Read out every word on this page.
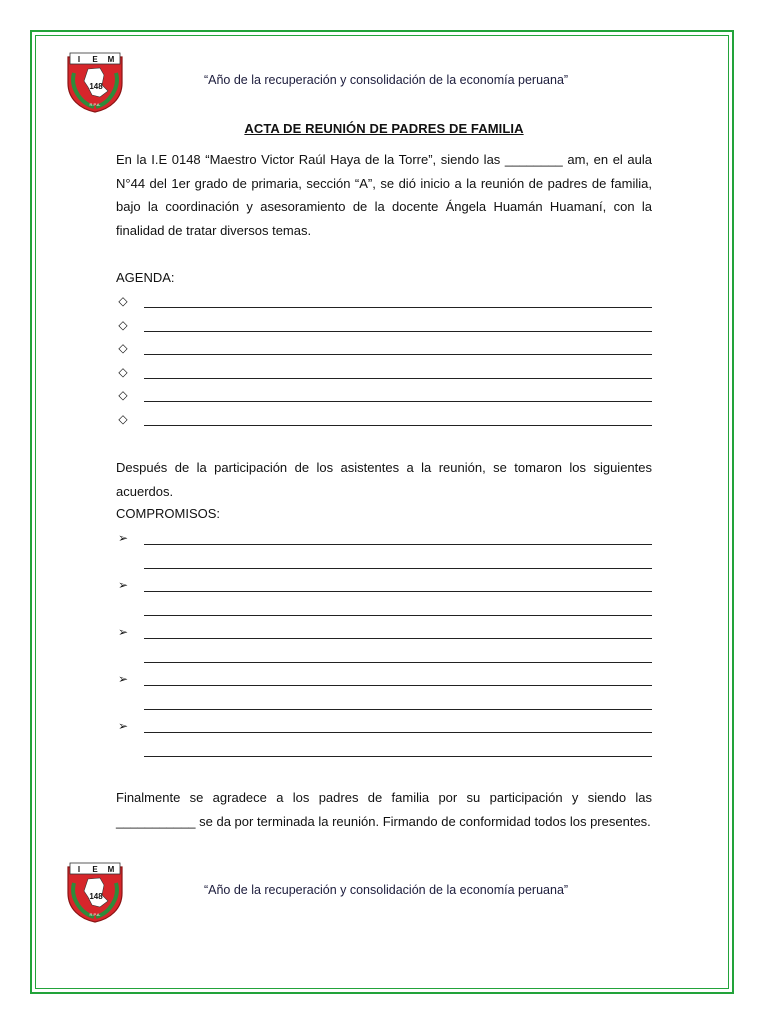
I E M
148
R.P.A.
“Año de la recuperación y consolidación de la economía peruana”
ACTA DE REUNIÓN DE PADRES DE FAMILIA
En la I.E 0148 “Maestro Victor Raúl Haya de la Torre”, siendo las ________ am, en el aula N°44 del 1er grado de primaria, sección “A”, se dió inicio a la reunión de padres de familia, bajo la coordinación y asesoramiento de la docente Ángela Huamán Huamaní, con la finalidad de tratar diversos temas.
AGENDA:
◇
◇
◇
◇
◇
◇
Después de la participación de los asistentes a la reunión, se tomaron los siguientes acuerdos.
COMPROMISOS:
➢
➢
➢
➢
➢
Finalmente se agradece a los padres de familia por su participación y siendo las ___________ se da por terminada la reunión. Firmando de conformidad todos los presentes.
I E M
148
R.P.A.
“Año de la recuperación y consolidación de la economía peruana”
